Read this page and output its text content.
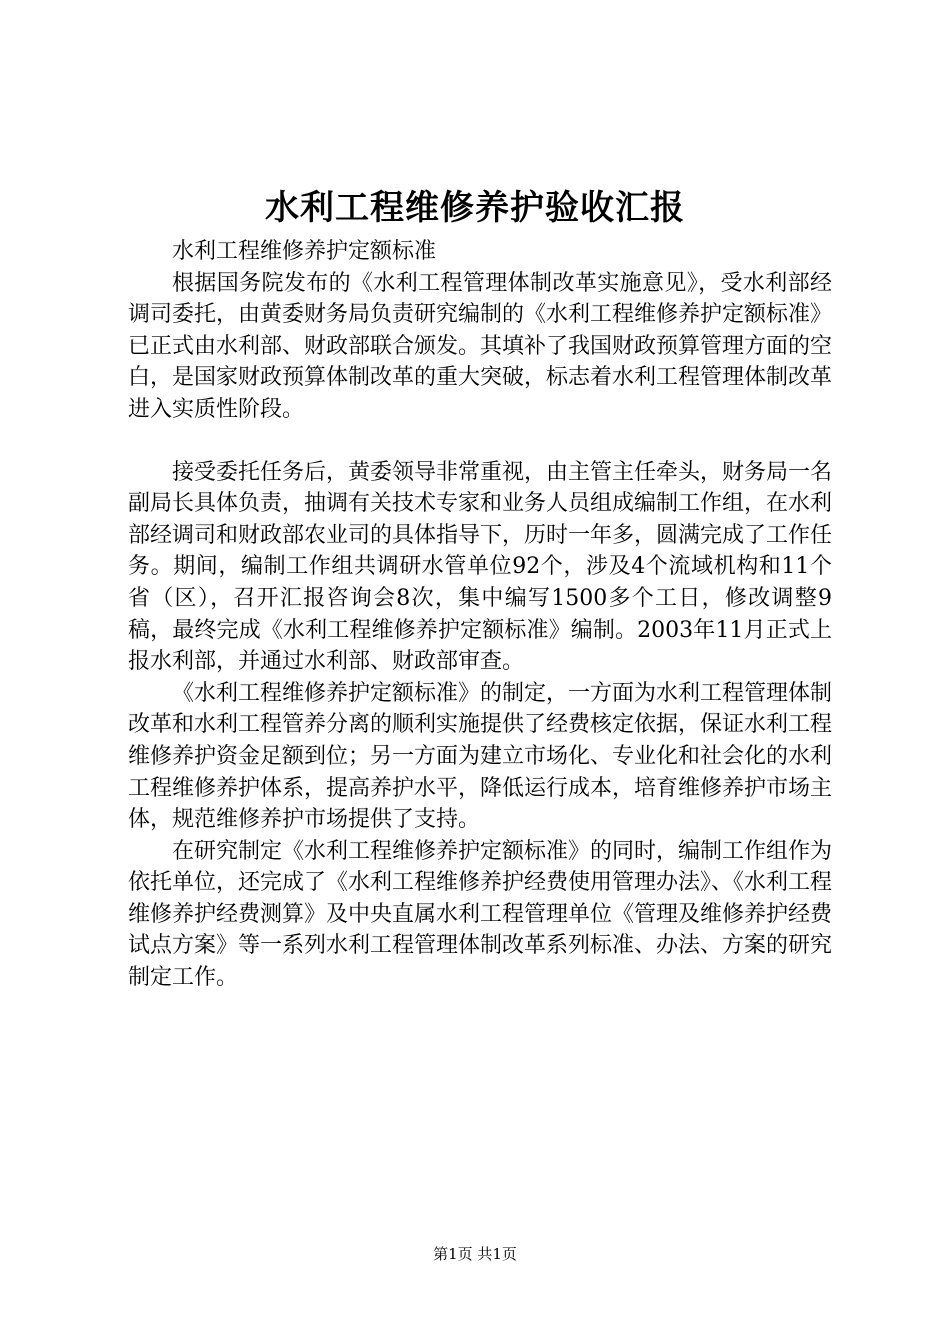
水利工程维修养护验收汇报

水利工程维修养护定额标准

根据国务院发布的《水利工程管理体制改革实施意见》，受水利部经调司委托，由黄委财务局负责研究编制的《水利工程维修养护定额标准》已正式由水利部、财政部联合颁发。其填补了我国财政预算管理方面的空白，是国家财政预算体制改革的重大突破，标志着水利工程管理体制改革进入实质性阶段。

接受委托任务后，黄委领导非常重视，由主管主任牵头，财务局一名副局长具体负责，抽调有关技术专家和业务人员组成编制工作组，在水利部经调司和财政部农业司的具体指导下，历时一年多，圆满完成了工作任务。期间，编制工作组共调研水管单位92个，涉及4个流域机构和11个省（区），召开汇报咨询会8次，集中编写1500多个工日，修改调整9稿，最终完成《水利工程维修养护定额标准》编制。2003年11月正式上报水利部，并通过水利部、财政部审查。

《水利工程维修养护定额标准》的制定，一方面为水利工程管理体制改革和水利工程管养分离的顺利实施提供了经费核定依据，保证水利工程维修养护资金足额到位；另一方面为建立市场化、专业化和社会化的水利工程维修养护体系，提高养护水平，降低运行成本，培育维修养护市场主体，规范维修养护市场提供了支持。

在研究制定《水利工程维修养护定额标准》的同时，编制工作组作为依托单位，还完成了《水利工程维修养护经费使用管理办法》、《水利工程维修养护经费测算》及中央直属水利工程管理单位《管理及维修养护经费试点方案》等一系列水利工程管理体制改革系列标准、办法、方案的研究制定工作。

第1页 共1页
